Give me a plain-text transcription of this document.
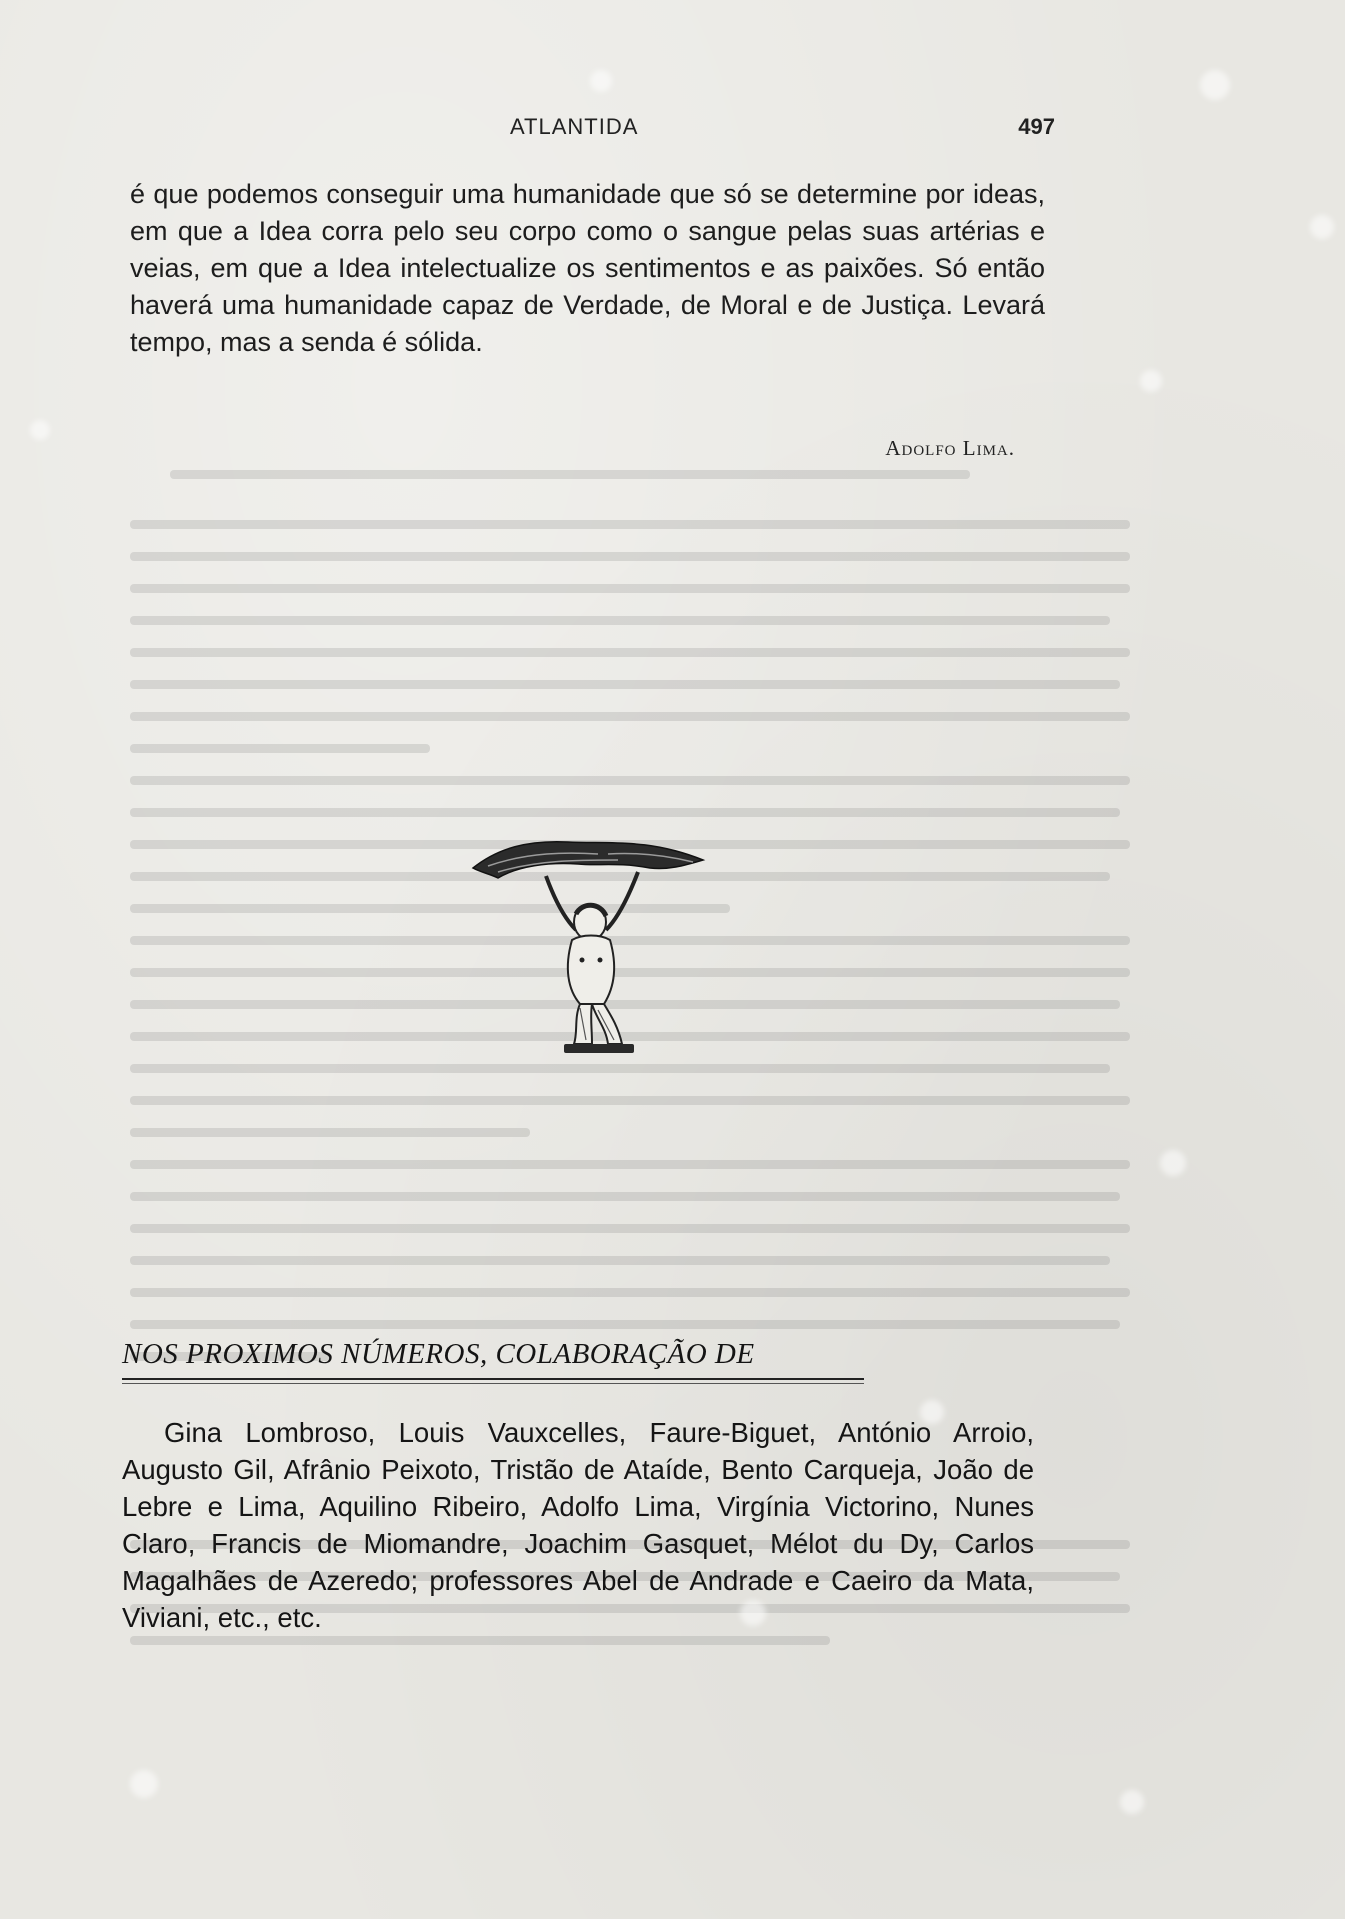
ATLANTIDA	497

é que podemos conseguir uma humanidade que só se determine por ideas, em que a Idea corra pelo seu corpo como o sangue pelas suas artérias e veias, em que a Idea intelectualize os sentimentos e as paixões. Só então haverá uma humanidade capaz de Verdade, de Moral e de Justiça. Levará tempo, mas a senda é sólida.

Adolfo Lima.
NOS PROXIMOS NÚMEROS, COLABORAÇÃO DE

Gina Lombroso, Louis Vauxcelles, Faure-Biguet, António Arroio, Augusto Gil, Afrânio Peixoto, Tristão de Ataíde, Bento Carqueja, João de Lebre e Lima, Aquilino Ribeiro, Adolfo Lima, Virgínia Victorino, Nunes Claro, Francis de Miomandre, Joachim Gasquet, Mélot du Dy, Carlos Magalhães de Azeredo; professores Abel de Andrade e Caeiro da Mata, Viviani, etc., etc.
